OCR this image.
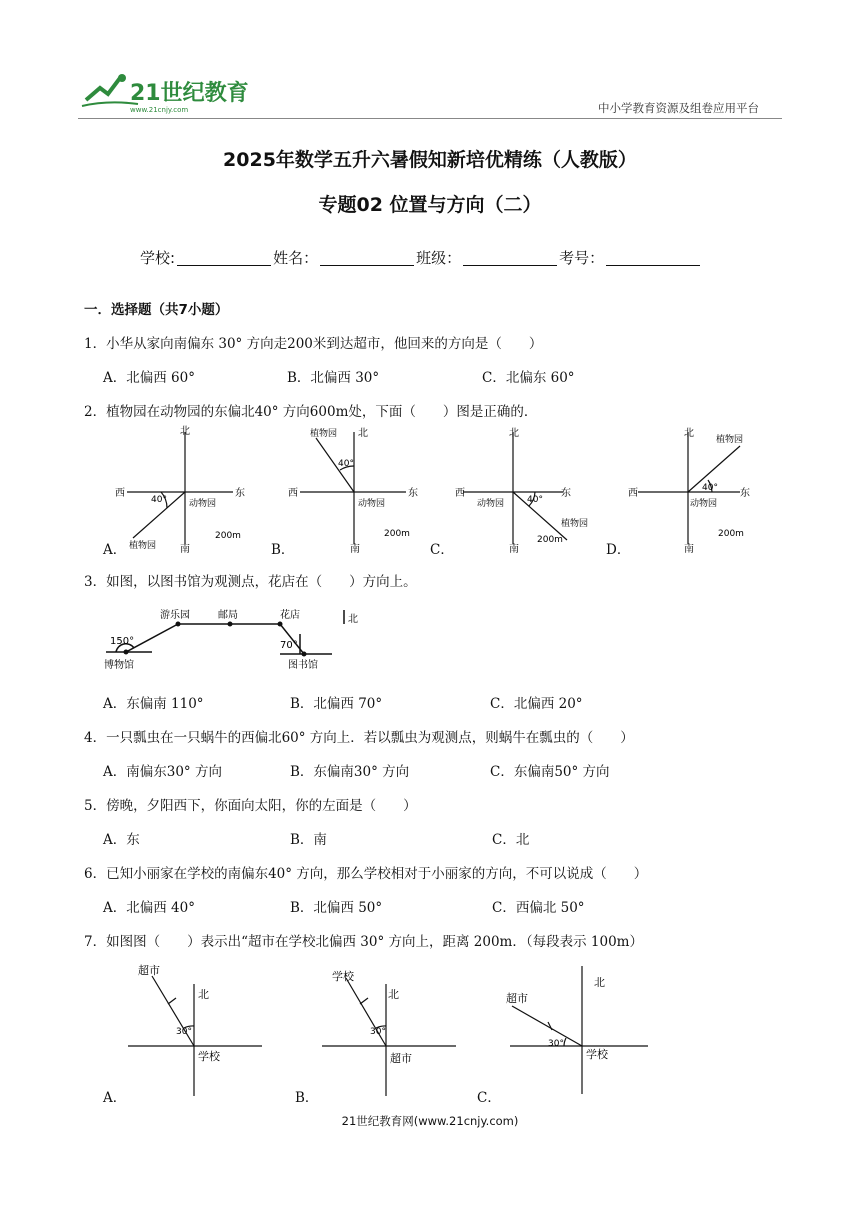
21世纪教育
www.21cnjy.com	中小学教育资源及组卷应用平台
2025年数学五升六暑假知新培优精练（人教版）
专题02 位置与方向（二）
学校:	姓名：	班级：	考号：
一．选择题（共7小题）
1．小华从家向南偏东 30° 方向走200米到达超市，他回来的方向是（　　）
A．北偏西 60°	B．北偏西 30°	C．北偏东 60°
2．植物园在动物园的东偏北40° 方向600m处，下面（　　）图是正确的．
A．	B．	C．	D．
北
南
东
西
40° 动物园
植物园
200m
北
南
东
西
40°
动物园
植物园
200m
北
南
东
西
40°
动物园
植物园
200m
北
南
东
西	40°
动物园
植物园
200m
3．如图，以图书馆为观测点，花店在（　　）方向上。
150°
博物馆
游乐园	邮局	花店
70°
图书馆
北
A．东偏南 110°	B．北偏西 70°	C．北偏西 20°
4．一只瓢虫在一只蜗牛的西偏北60° 方向上．若以瓢虫为观测点，则蜗牛在瓢虫的（　　）
A．南偏东30° 方向	B．东偏南30° 方向	C．东偏南50° 方向
5．傍晚，夕阳西下，你面向太阳，你的左面是（　　）
A．东	B．南	C．北
6．已知小丽家在学校的南偏东40° 方向，那么学校相对于小丽家的方向，不可以说成（　　）
A．北偏西 40°	B．北偏西 50°	C．西偏北 50°
7．如图图（　　）表示出“超市在学校北偏西 30° 方向上，距离 200m．（每段表示 100m）
超市
北
30°
学校
A．
学校
北
30°
超市
B．
超市
北
30°
学校
C．
21世纪教育网(www.21cnjy.com)
